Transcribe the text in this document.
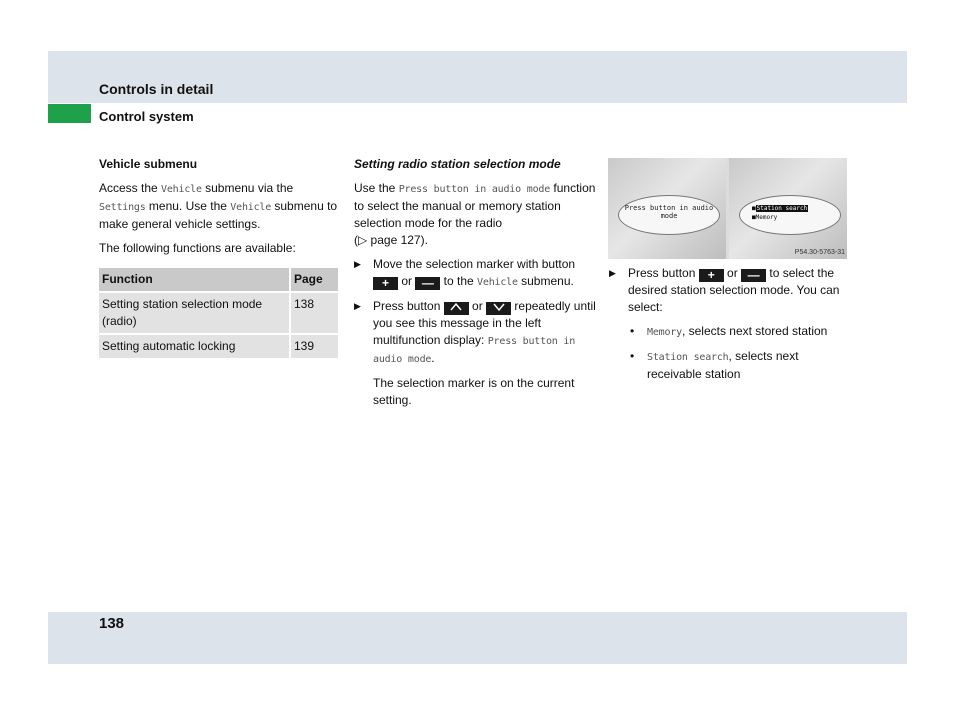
Controls in detail
Control system

Vehicle submenu

Access the Vehicle submenu via the Settings menu. Use the Vehicle submenu to make general vehicle settings.

The following functions are available:

Function	Page
Setting station selection mode (radio)	138
Setting automatic locking	139

Setting radio station selection mode

Use the Press button in audio mode function to select the manual or memory station selection mode for the radio
(▷ page 127).

▶ Move the selection marker with button + or — to the Vehicle submenu.
▶ Press button  or  repeatedly until you see this message in the left multifunction display: Press button in audio mode.

The selection marker is on the current setting.

Press button in audio mode
■Station search
■Memory
P54.30-5763-31
▶ Press button + or — to select the desired station selection mode. You can select:
• Memory, selects next stored station
• Station search, selects next receivable station
138
